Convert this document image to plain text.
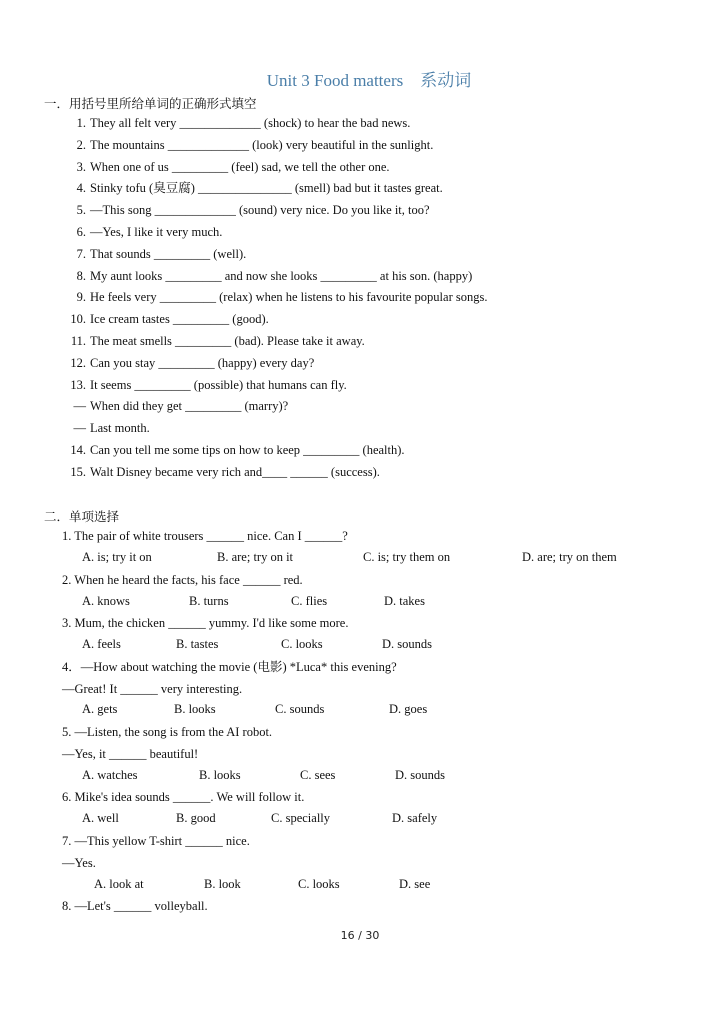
Unit 3 Food matters　系动词
一．用括号里所给单词的正确形式填空
1. They all felt very _____________ (shock) to hear the bad news.
2. The mountains _____________ (look) very beautiful in the sunlight.
3. When one of us _________ (feel) sad, we tell the other one.
4. Stinky tofu (臭豆腐) _______________ (smell) bad but it tastes great.
5. —This song _____________ (sound) very nice. Do you like it, too?
6. —Yes, I like it very much.
7. That sounds _________ (well).
8. My aunt looks _________ and now she looks _________ at his son. (happy)
9. He feels very _________ (relax) when he listens to his favourite popular songs.
10. Ice cream tastes _________ (good).
11. The meat smells _________ (bad). Please take it away.
12. Can you stay _________ (happy) every day?
13. It seems _________ (possible) that humans can fly.
— When did they get _________ (marry)?
— Last month.
14. Can you tell me some tips on how to keep _________ (health).
15. Walt Disney became very rich and____ ______ (success).
二．单项选择
1. The pair of white trousers ______ nice. Can I ______?
A. is; try it on	B. are; try on it	C. is; try them on	D. are; try on them
2. When he heard the facts, his face ______ red.
A. knows	B. turns	C. flies	D. takes
3. Mum, the chicken ______ yummy. I'd like some more.
A. feels	B. tastes	C. looks	D. sounds
4．—How about watching the movie (电影) *Luca* this evening?
—Great! It ______ very interesting.
A. gets	B. looks	C. sounds	D. goes
5. —Listen, the song is from the AI robot.
—Yes, it ______ beautiful!
A. watches	B. looks	C. sees	D. sounds
6. Mike's idea sounds ______. We will follow it.
A. well	B. good	C. specially	D. safely
7. —This yellow T-shirt ______ nice.
—Yes.
A. look at	B. look	C. looks	D. see
8. —Let's ______ volleyball.
16 / 30
